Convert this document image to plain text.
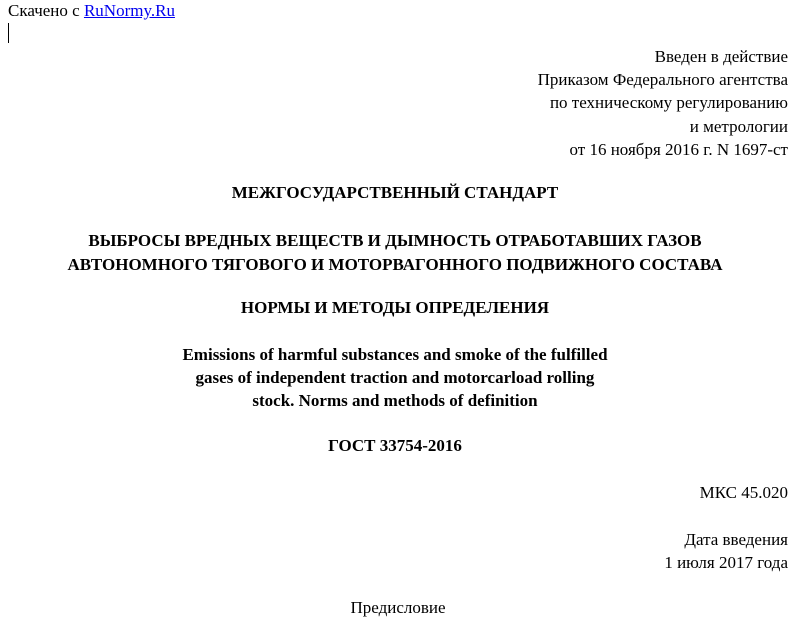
Скачено с RuNormy.Ru
Введен в действие
Приказом Федерального агентства
по техническому регулированию
и метрологии
от 16 ноября 2016 г. N 1697-ст
МЕЖГОСУДАРСТВЕННЫЙ СТАНДАРТ
ВЫБРОСЫ ВРЕДНЫХ ВЕЩЕСТВ И ДЫМНОСТЬ ОТРАБОТАВШИХ ГАЗОВ
АВТОНОМНОГО ТЯГОВОГО И МОТОРВАГОННОГО ПОДВИЖНОГО СОСТАВА
НОРМЫ И МЕТОДЫ ОПРЕДЕЛЕНИЯ
Emissions of harmful substances and smoke of the fulfilled
gases of independent traction and motorcarload rolling
stock. Norms and methods of definition
ГОСТ 33754-2016
МКС 45.020
Дата введения
1 июля 2017 года
Предисловие
